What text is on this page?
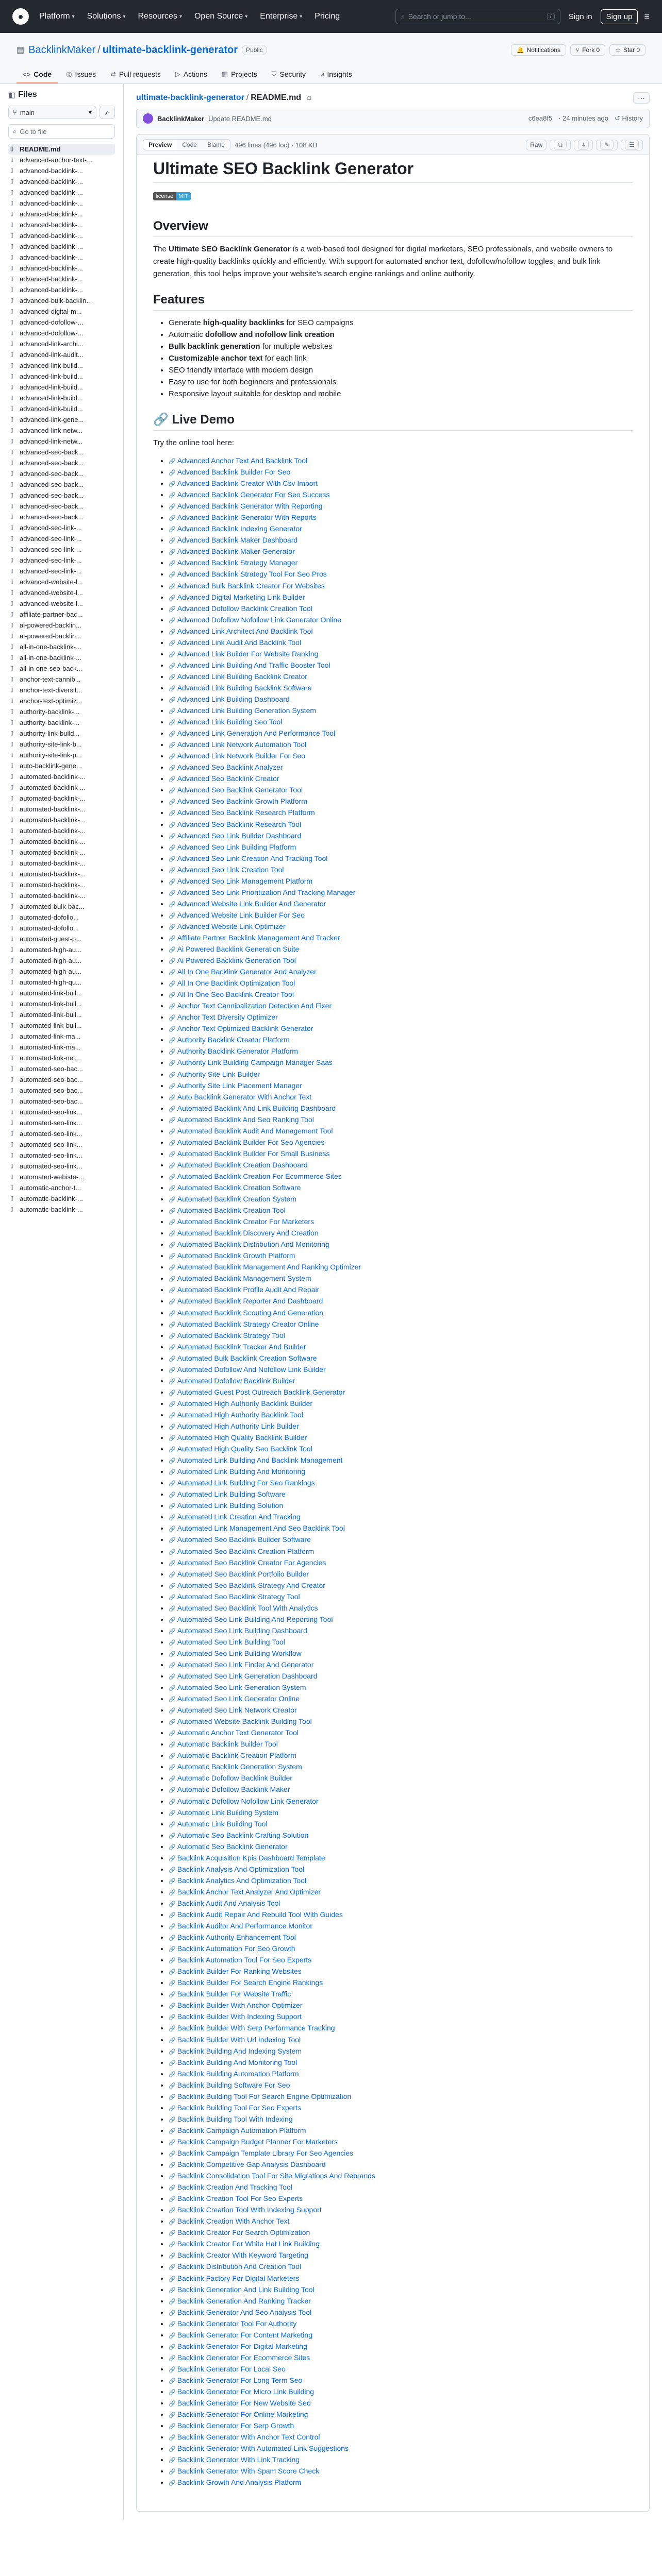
●	Platform ▾ Solutions ▾ Resources ▾ Open Source ▾ Enterprise ▾ Pricing	⌕ Search or jump to...	/	Sign in	Sign up	≡
▤ BacklinkMaker / ultimate-backlink-generator	Public	🔔 Notifications	⑂ Fork 0	☆ Star 0
<> Code ◎ Issues ⇄ Pull requests ▷ Actions ▦ Projects ⛉ Security ⩘ Insights
◧ Files
⑂ main	▾ ⌕
⌕ Go to file
▯ README.md
▯ advanced-anchor-text-...
▯ advanced-backlink-...
▯ advanced-backlink-...
▯ advanced-backlink-...
▯ advanced-backlink-...
▯ advanced-backlink-...
▯ advanced-backlink-...
▯ advanced-backlink-...
▯ advanced-backlink-...
▯ advanced-backlink-...
▯ advanced-backlink-...
▯ advanced-backlink-...
▯ advanced-backlink-...
▯ advanced-bulk-backlin...
▯ advanced-digital-m...
▯ advanced-dofollow-...
▯ advanced-dofollow-...
▯ advanced-link-archi...
▯ advanced-link-audit...
▯ advanced-link-build...
▯ advanced-link-build...
▯ advanced-link-build...
▯ advanced-link-build...
▯ advanced-link-build...
▯ advanced-link-gene...
▯ advanced-link-netw...
▯ advanced-link-netw...
▯ advanced-seo-back...
▯ advanced-seo-back...
▯ advanced-seo-back...
▯ advanced-seo-back...
▯ advanced-seo-back...
▯ advanced-seo-back...
▯ advanced-seo-back...
▯ advanced-seo-link-...
▯ advanced-seo-link-...
▯ advanced-seo-link-...
▯ advanced-seo-link-...
▯ advanced-seo-link-...
▯ advanced-website-l...
▯ advanced-website-l...
▯ advanced-website-l...
▯ affiliate-partner-bac...
▯ ai-powered-backlin...
▯ ai-powered-backlin...
▯ all-in-one-backlink-...
▯ all-in-one-backlink-...
▯ all-in-one-seo-back...
▯ anchor-text-cannib...
▯ anchor-text-diversit...
▯ anchor-text-optimiz...
▯ authority-backlink-...
▯ authority-backlink-...
▯ authority-link-build...
▯ authority-site-link-b...
▯ authority-site-link-p...
▯ auto-backlink-gene...
▯ automated-backlink-...
▯ automated-backlink-...
▯ automated-backlink-...
▯ automated-backlink-...
▯ automated-backlink-...
▯ automated-backlink-...
▯ automated-backlink-...
▯ automated-backlink-...
▯ automated-backlink-...
▯ automated-backlink-...
▯ automated-backlink-...
▯ automated-backlink-...
▯ automated-bulk-bac...
▯ automated-dofollo...
▯ automated-dofollo...
▯ automated-guest-p...
▯ automated-high-au...
▯ automated-high-au...
▯ automated-high-au...
▯ automated-high-qu...
▯ automated-link-buil...
▯ automated-link-buil...
▯ automated-link-buil...
▯ automated-link-buil...
▯ automated-link-ma...
▯ automated-link-ma...
▯ automated-link-net...
▯ automated-seo-bac...
▯ automated-seo-bac...
▯ automated-seo-bac...
▯ automated-seo-bac...
▯ automated-seo-link...
▯ automated-seo-link...
▯ automated-seo-link...
▯ automated-seo-link...
▯ automated-seo-link...
▯ automated-seo-link...
▯ automated-webiste-...
▯ automatic-anchor-t...
▯ automatic-backlink-...
▯ automatic-backlink-...
ultimate-backlink-generator / README.md ⧉	···
BacklinkMaker Update README.md	c6ea8f5 · 24 minutes ago ↺ History
Preview	Code	Blame	496 lines (496 loc) · 108 KB	Raw	⧉	⤓	✎	☰
Ultimate SEO Backlink Generator
license MIT
Overview

The Ultimate SEO Backlink Generator is a web-based tool designed for digital marketers, SEO professionals, and website owners to create high-quality backlinks quickly and efficiently. With support for automated anchor text, dofollow/nofollow toggles, and bulk link generation, this tool helps improve your website's search engine rankings and online authority.

Features
• Generate high-quality backlinks for SEO campaigns
• Automatic dofollow and nofollow link creation
• Bulk backlink generation for multiple websites
• Customizable anchor text for each link
• SEO friendly interface with modern design
• Easy to use for both beginners and professionals
• Responsive layout suitable for desktop and mobile
🔗 Live Demo

Try the online tool here:

• 🔗 Advanced Anchor Text And Backlink Tool
• 🔗 Advanced Backlink Builder For Seo
• 🔗 Advanced Backlink Creator With Csv Import
• 🔗 Advanced Backlink Generator For Seo Success
• 🔗 Advanced Backlink Generator With Reporting
• 🔗 Advanced Backlink Generator With Reports
• 🔗 Advanced Backlink Indexing Generator
• 🔗 Advanced Backlink Maker Dashboard
• 🔗 Advanced Backlink Maker Generator
• 🔗 Advanced Backlink Strategy Manager
• 🔗 Advanced Backlink Strategy Tool For Seo Pros
• 🔗 Advanced Bulk Backlink Creator For Websites
• 🔗 Advanced Digital Marketing Link Builder
• 🔗 Advanced Dofollow Backlink Creation Tool
• 🔗 Advanced Dofollow Nofollow Link Generator Online
• 🔗 Advanced Link Architect And Backlink Tool
• 🔗 Advanced Link Audit And Backlink Tool
• 🔗 Advanced Link Builder For Website Ranking
• 🔗 Advanced Link Building And Traffic Booster Tool
• 🔗 Advanced Link Building Backlink Creator
• 🔗 Advanced Link Building Backlink Software
• 🔗 Advanced Link Building Dashboard
• 🔗 Advanced Link Building Generation System
• 🔗 Advanced Link Building Seo Tool
• 🔗 Advanced Link Generation And Performance Tool
• 🔗 Advanced Link Network Automation Tool
• 🔗 Advanced Link Network Builder For Seo
• 🔗 Advanced Seo Backlink Analyzer
• 🔗 Advanced Seo Backlink Creator
• 🔗 Advanced Seo Backlink Generator Tool
• 🔗 Advanced Seo Backlink Growth Platform
• 🔗 Advanced Seo Backlink Research Platform
• 🔗 Advanced Seo Backlink Research Tool
• 🔗 Advanced Seo Link Builder Dashboard
• 🔗 Advanced Seo Link Building Platform
• 🔗 Advanced Seo Link Creation And Tracking Tool
• 🔗 Advanced Seo Link Creation Tool
• 🔗 Advanced Seo Link Management Platform
• 🔗 Advanced Seo Link Prioritization And Tracking Manager
• 🔗 Advanced Website Link Builder And Generator
• 🔗 Advanced Website Link Builder For Seo
• 🔗 Advanced Website Link Optimizer
• 🔗 Affiliate Partner Backlink Management And Tracker
• 🔗 Ai Powered Backlink Generation Suite
• 🔗 Ai Powered Backlink Generation Tool
• 🔗 All In One Backlink Generator And Analyzer
• 🔗 All In One Backlink Optimization Tool
• 🔗 All In One Seo Backlink Creator Tool
• 🔗 Anchor Text Cannibalization Detection And Fixer
• 🔗 Anchor Text Diversity Optimizer
• 🔗 Anchor Text Optimized Backlink Generator
• 🔗 Authority Backlink Creator Platform
• 🔗 Authority Backlink Generator Platform
• 🔗 Authority Link Building Campaign Manager Saas
• 🔗 Authority Site Link Builder
• 🔗 Authority Site Link Placement Manager
• 🔗 Auto Backlink Generator With Anchor Text
• 🔗 Automated Backlink And Link Building Dashboard
• 🔗 Automated Backlink And Seo Ranking Tool
• 🔗 Automated Backlink Audit And Management Tool
• 🔗 Automated Backlink Builder For Seo Agencies
• 🔗 Automated Backlink Builder For Small Business
• 🔗 Automated Backlink Creation Dashboard
• 🔗 Automated Backlink Creation For Ecommerce Sites
• 🔗 Automated Backlink Creation Software
• 🔗 Automated Backlink Creation System
• 🔗 Automated Backlink Creation Tool
• 🔗 Automated Backlink Creator For Marketers
• 🔗 Automated Backlink Discovery And Creation
• 🔗 Automated Backlink Distribution And Monitoring
• 🔗 Automated Backlink Growth Platform
• 🔗 Automated Backlink Management And Ranking Optimizer
• 🔗 Automated Backlink Management System
• 🔗 Automated Backlink Profile Audit And Repair
• 🔗 Automated Backlink Reporter And Dashboard
• 🔗 Automated Backlink Scouting And Generation
• 🔗 Automated Backlink Strategy Creator Online
• 🔗 Automated Backlink Strategy Tool
• 🔗 Automated Backlink Tracker And Builder
• 🔗 Automated Bulk Backlink Creation Software
• 🔗 Automated Dofollow And Nofollow Link Builder
• 🔗 Automated Dofollow Backlink Builder
• 🔗 Automated Guest Post Outreach Backlink Generator
• 🔗 Automated High Authority Backlink Builder
• 🔗 Automated High Authority Backlink Tool
• 🔗 Automated High Authority Link Builder
• 🔗 Automated High Quality Backlink Builder
• 🔗 Automated High Quality Seo Backlink Tool
• 🔗 Automated Link Building And Backlink Management
• 🔗 Automated Link Building And Monitoring
• 🔗 Automated Link Building For Seo Rankings
• 🔗 Automated Link Building Software
• 🔗 Automated Link Building Solution
• 🔗 Automated Link Creation And Tracking
• 🔗 Automated Link Management And Seo Backlink Tool
• 🔗 Automated Seo Backlink Builder Software
• 🔗 Automated Seo Backlink Creation Platform
• 🔗 Automated Seo Backlink Creator For Agencies
• 🔗 Automated Seo Backlink Portfolio Builder
• 🔗 Automated Seo Backlink Strategy And Creator
• 🔗 Automated Seo Backlink Strategy Tool
• 🔗 Automated Seo Backlink Tool With Analytics
• 🔗 Automated Seo Link Building And Reporting Tool
• 🔗 Automated Seo Link Building Dashboard
• 🔗 Automated Seo Link Building Tool
• 🔗 Automated Seo Link Building Workflow
• 🔗 Automated Seo Link Finder And Generator
• 🔗 Automated Seo Link Generation Dashboard
• 🔗 Automated Seo Link Generation System
• 🔗 Automated Seo Link Generator Online
• 🔗 Automated Seo Link Network Creator
• 🔗 Automated Website Backlink Building Tool
• 🔗 Automatic Anchor Text Generator Tool
• 🔗 Automatic Backlink Builder Tool
• 🔗 Automatic Backlink Creation Platform
• 🔗 Automatic Backlink Generation System
• 🔗 Automatic Dofollow Backlink Builder
• 🔗 Automatic Dofollow Backlink Maker
• 🔗 Automatic Dofollow Nofollow Link Generator
• 🔗 Automatic Link Building System
• 🔗 Automatic Link Building Tool
• 🔗 Automatic Seo Backlink Crafting Solution
• 🔗 Automatic Seo Backlink Generator
• 🔗 Backlink Acquisition Kpis Dashboard Template
• 🔗 Backlink Analysis And Optimization Tool
• 🔗 Backlink Analytics And Optimization Tool
• 🔗 Backlink Anchor Text Analyzer And Optimizer
• 🔗 Backlink Audit And Analysis Tool
• 🔗 Backlink Audit Repair And Rebuild Tool With Guides
• 🔗 Backlink Auditor And Performance Monitor
• 🔗 Backlink Authority Enhancement Tool
• 🔗 Backlink Automation For Seo Growth
• 🔗 Backlink Automation Tool For Seo Experts
• 🔗 Backlink Builder For Ranking Websites
• 🔗 Backlink Builder For Search Engine Rankings
• 🔗 Backlink Builder For Website Traffic
• 🔗 Backlink Builder With Anchor Optimizer
• 🔗 Backlink Builder With Indexing Support
• 🔗 Backlink Builder With Serp Performance Tracking
• 🔗 Backlink Builder With Url Indexing Tool
• 🔗 Backlink Building And Indexing System
• 🔗 Backlink Building And Monitoring Tool
• 🔗 Backlink Building Automation Platform
• 🔗 Backlink Building Software For Seo
• 🔗 Backlink Building Tool For Search Engine Optimization
• 🔗 Backlink Building Tool For Seo Experts
• 🔗 Backlink Building Tool With Indexing
• 🔗 Backlink Campaign Automation Platform
• 🔗 Backlink Campaign Budget Planner For Marketers
• 🔗 Backlink Campaign Template Library For Seo Agencies
• 🔗 Backlink Competitive Gap Analysis Dashboard
• 🔗 Backlink Consolidation Tool For Site Migrations And Rebrands
• 🔗 Backlink Creation And Tracking Tool
• 🔗 Backlink Creation Tool For Seo Experts
• 🔗 Backlink Creation Tool With Indexing Support
• 🔗 Backlink Creation With Anchor Text
• 🔗 Backlink Creator For Search Optimization
• 🔗 Backlink Creator For White Hat Link Building
• 🔗 Backlink Creator With Keyword Targeting
• 🔗 Backlink Distribution And Creation Tool
• 🔗 Backlink Factory For Digital Marketers
• 🔗 Backlink Generation And Link Building Tool
• 🔗 Backlink Generation And Ranking Tracker
• 🔗 Backlink Generator And Seo Analysis Tool
• 🔗 Backlink Generator Tool For Authority
• 🔗 Backlink Generator For Content Marketing
• 🔗 Backlink Generator For Digital Marketing
• 🔗 Backlink Generator For Ecommerce Sites
• 🔗 Backlink Generator For Local Seo
• 🔗 Backlink Generator For Long Term Seo
• 🔗 Backlink Generator For Micro Link Building
• 🔗 Backlink Generator For New Website Seo
• 🔗 Backlink Generator For Online Marketing
• 🔗 Backlink Generator For Serp Growth
• 🔗 Backlink Generator With Anchor Text Control
• 🔗 Backlink Generator With Automated Link Suggestions
• 🔗 Backlink Generator With Link Tracking
• 🔗 Backlink Generator With Spam Score Check
• 🔗 Backlink Growth And Analysis Platform
